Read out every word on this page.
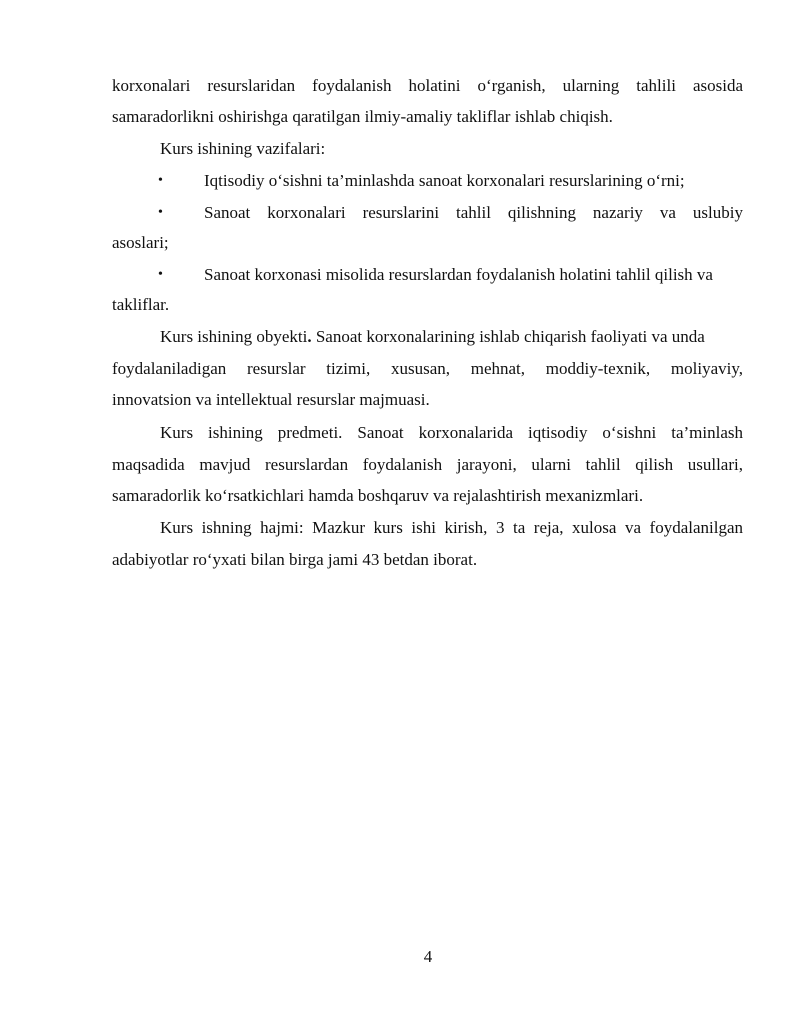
korxonalari resurslaridan foydalanish holatini o‘rganish, ularning tahlili asosida

samaradorlikni oshirishga qaratilgan ilmiy-amaliy takliflar ishlab chiqish.

Kurs ishining vazifalari:

• Iqtisodiy o‘sishni ta’minlashda sanoat korxonalari resurslarining o‘rni;

• Sanoat korxonalari resurslarini tahlil qilishning nazariy va uslubiy

asoslari;

• Sanoat korxonasi misolida resurslardan foydalanish holatini tahlil qilish va

takliflar.

Kurs ishining obyekti. Sanoat korxonalarining ishlab chiqarish faoliyati va unda

foydalaniladigan resurslar tizimi, xususan, mehnat, moddiy-texnik, moliyaviy,

innovatsion va intellektual resurslar majmuasi.

Kurs ishining predmeti. Sanoat korxonalarida iqtisodiy o‘sishni ta’minlash

maqsadida mavjud resurslardan foydalanish jarayoni, ularni tahlil qilish usullari,

samaradorlik ko‘rsatkichlari hamda boshqaruv va rejalashtirish mexanizmlari.

Kurs ishning hajmi: Mazkur kurs ishi kirish, 3 ta reja, xulosa va foydalanilgan

adabiyotlar ro‘yxati bilan birga jami 43 betdan iborat.

4
